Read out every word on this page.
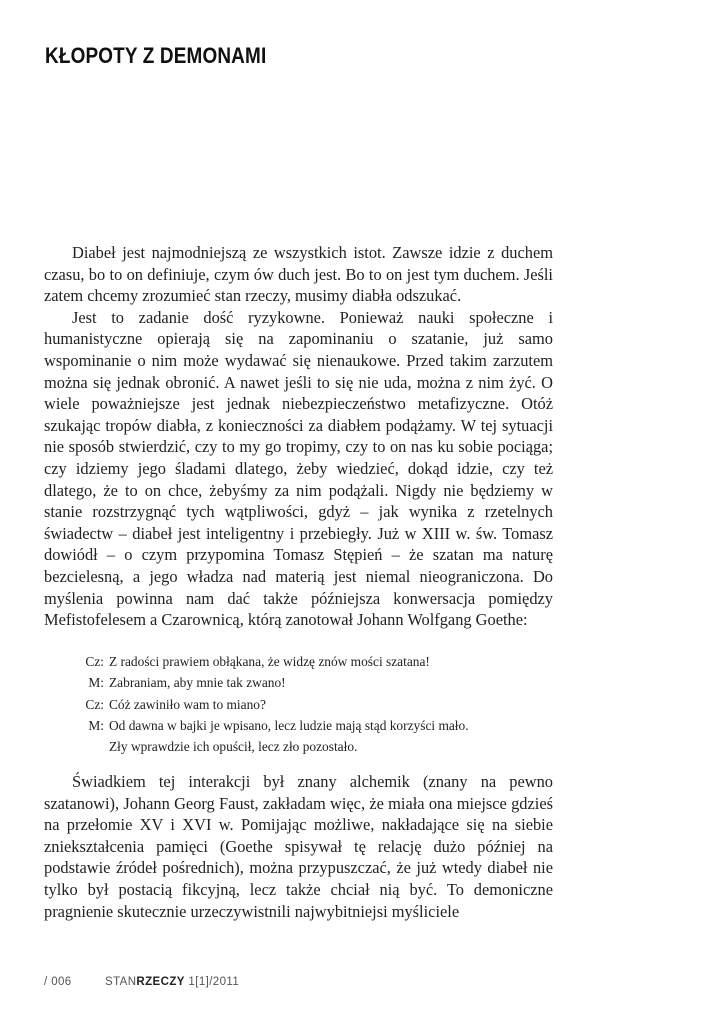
KŁOPOTY Z DEMONAMI

Diabeł jest najmodniejszą ze wszystkich istot. Zawsze idzie z duchem czasu, bo to on definiuje, czym ów duch jest. Bo to on jest tym duchem. Jeśli zatem chcemy zrozumieć stan rzeczy, musimy diabła odszukać.

Jest to zadanie dość ryzykowne. Ponieważ nauki społeczne i humanistyczne opierają się na zapominaniu o szatanie, już samo wspominanie o nim może wydawać się nienaukowe. Przed takim zarzutem można się jednak obronić. A nawet jeśli to się nie uda, można z nim żyć. O wiele poważniejsze jest jednak niebezpieczeństwo metafizyczne. Otóż szukając tropów diabła, z konieczności za diabłem podążamy. W tej sytuacji nie sposób stwierdzić, czy to my go tropimy, czy to on nas ku sobie pociąga; czy idziemy jego śladami dlatego, żeby wiedzieć, dokąd idzie, czy też dlatego, że to on chce, żebyśmy za nim podążali. Nigdy nie będziemy w stanie rozstrzygnąć tych wątpliwości, gdyż – jak wynika z rzetelnych świadectw – diabeł jest inteligentny i przebiegły. Już w XIII w. św. Tomasz dowiódł – o czym przypomina Tomasz Stępień – że szatan ma naturę bezcielesną, a jego władza nad materią jest niemal nieograniczona. Do myślenia powinna nam dać także późniejsza konwersacja pomiędzy Mefistofelesem a Czarownicą, którą zanotował Johann Wolfgang Goethe:

Cz: Z radości prawiem obłąkana, że widzę znów mości szatana!
M: Zabraniam, aby mnie tak zwano!
Cz: Cóż zawiniło wam to miano?
M: Od dawna w bajki je wpisano, lecz ludzie mają stąd korzyści mało.
Zły wprawdzie ich opuścił, lecz zło pozostało.

Świadkiem tej interakcji był znany alchemik (znany na pewno szatanowi), Johann Georg Faust, zakładam więc, że miała ona miejsce gdzieś na przełomie XV i XVI w. Pomijając możliwe, nakładające się na siebie zniekształcenia pamięci (Goethe spisywał tę relację dużo później na podstawie źródeł pośrednich), można przypuszczać, że już wtedy diabeł nie tylko był postacią fikcyjną, lecz także chciał nią być. To demoniczne pragnienie skutecznie urzeczywistnili najwybitniejsi myśliciele

/ 006	STANRZECZY 1[1]/2011
